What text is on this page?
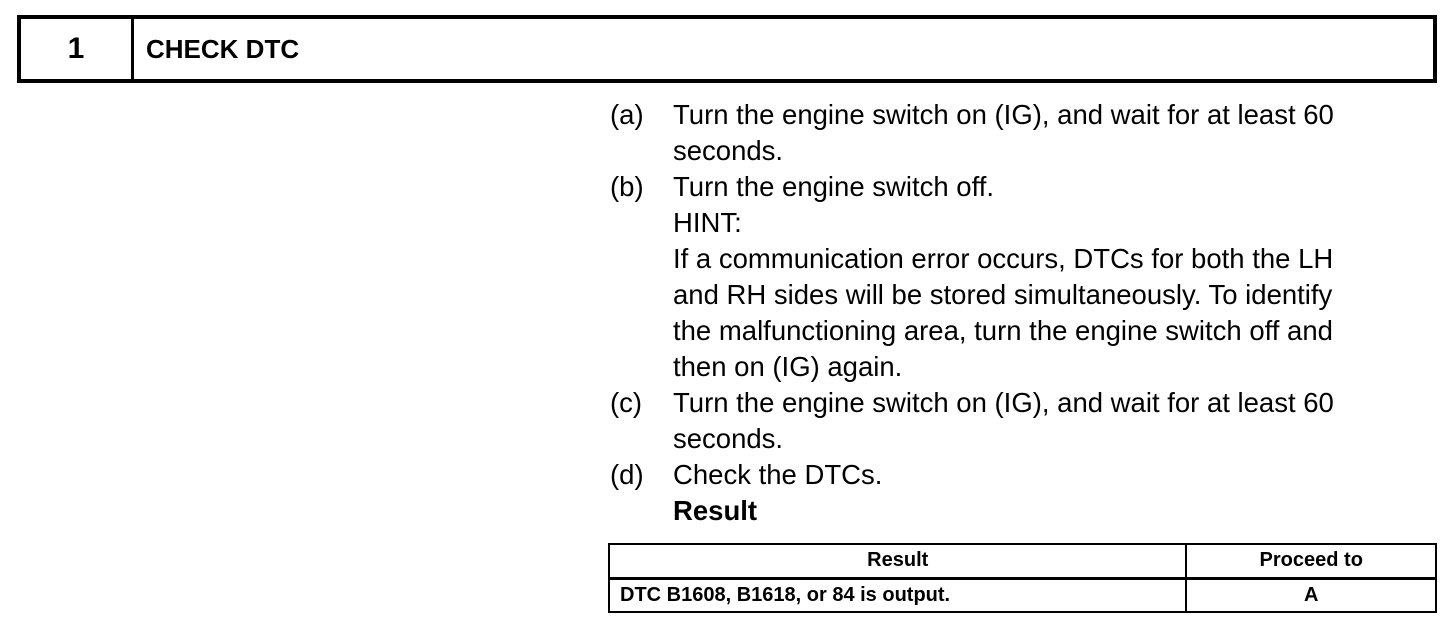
1	CHECK DTC
(a)	Turn the engine switch on (IG), and wait for at least 60
seconds.
(b)	Turn the engine switch off.
HINT:
If a communication error occurs, DTCs for both the LH
and RH sides will be stored simultaneously. To identify
the malfunctioning area, turn the engine switch off and
then on (IG) again.
(c)	Turn the engine switch on (IG), and wait for at least 60
seconds.
(d)	Check the DTCs.
Result
Result	Proceed to
DTC B1608, B1618, or 84 is output.	A
